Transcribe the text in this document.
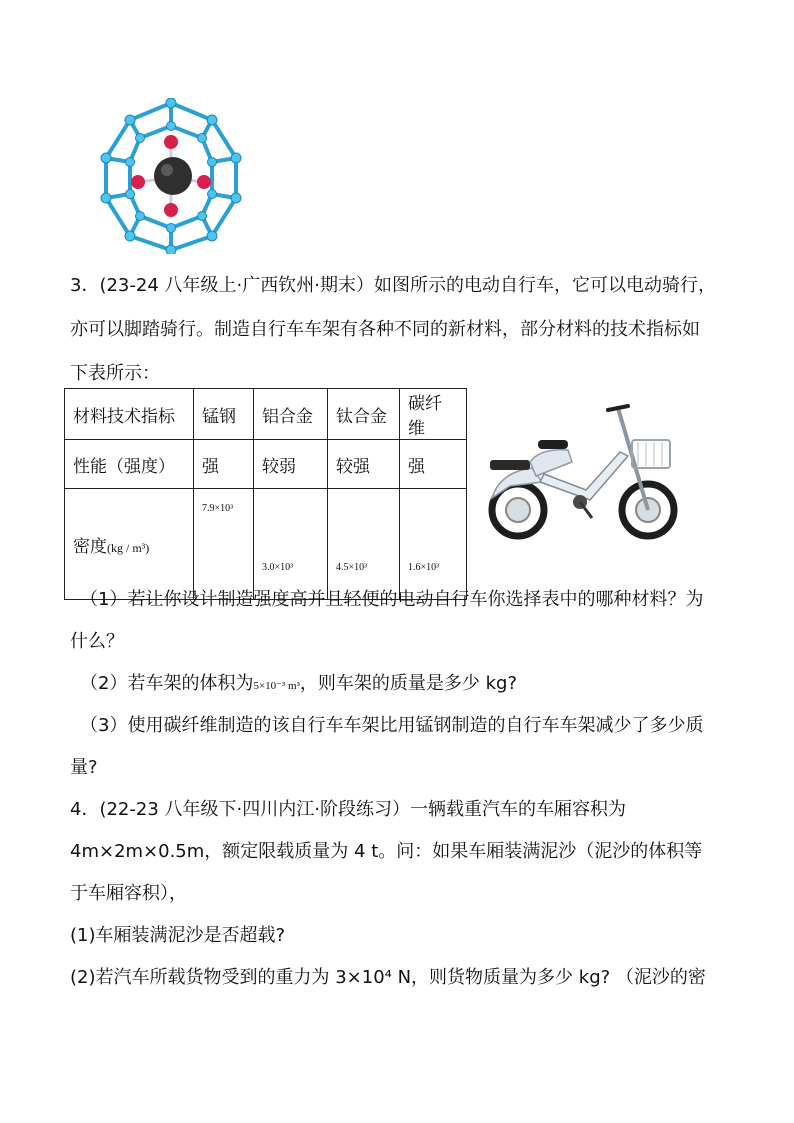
3．(23-24 八年级上·广西钦州·期末）如图所示的电动自行车，它可以电动骑行，

亦可以脚踏骑行。制造自行车车架有各种不同的新材料，部分材料的技术指标如

下表所示：

材料技术指标	锰钢	铝合金	钛合金	碳纤维
性能（强度）	强	较弱	较强	强
密度(kg / m³)	7.9×10³	3.0×10³	4.5×10³	1.6×10³

（1）若让你设计制造强度高并且轻便的电动自行车你选择表中的哪种材料？为

什么？

（2）若车架的体积为5×10⁻³ m³，则车架的质量是多少 kg?

（3）使用碳纤维制造的该自行车车架比用锰钢制造的自行车车架减少了多少质

量?

4．(22-23 八年级下·四川内江·阶段练习）一辆载重汽车的车厢容积为

4m×2m×0.5m，额定限载质量为 4 t。问：如果车厢装满泥沙（泥沙的体积等

于车厢容积），

(1)车厢装满泥沙是否超载?

(2)若汽车所载货物受到的重力为 3×10⁴ N，则货物质量为多少 kg? （泥沙的密
